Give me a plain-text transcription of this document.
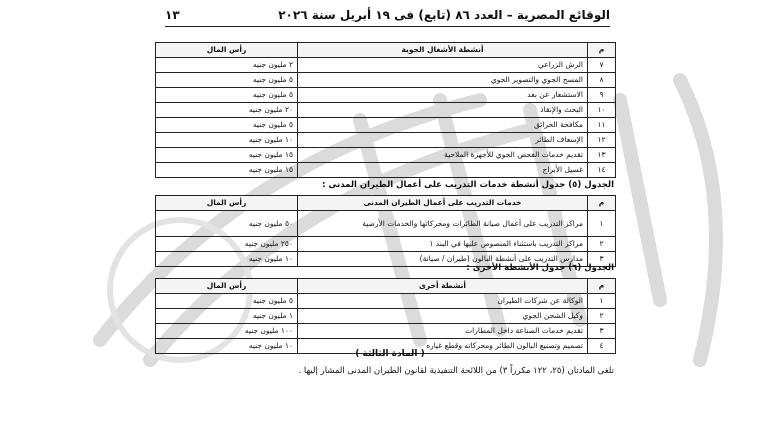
الوقائع المصرية – العدد ٨٦ (تابع) فى ١٩ أبريل سنة ٢٠٢٦
١٣
م	أنشطة الأشغال الجوية	رأس المال
٧	الرش الزراعي	٢ مليون جنيه
٨	المسح الجوي والتصوير الجوي	٥ مليون جنيه
٩	الاستشعار عن بعد	٥ مليون جنيه
١٠	البحث والإنقاذ	٢٠ مليون جنيه
١١	مكافحة الحرائق	٥ مليون جنيه
١٢	الإسعاف الطائر	١٠ مليون جنيه
١٣	تقديم خدمات الفحص الجوي للأجهزة الملاحية	١٥ مليون جنيه
١٤	غسيل الأبراج	١٥ مليون جنيه
الجدول (٥) جدول أنشطة خدمات التدريب على أعمال الطيران المدنى :
م	خدمات التدريب على أعمال الطيران المدنى	رأس المال
١	مراكز التدريب على أعمال صيانة الطائرات ومحركاتها والخدمات الأرضية	٥٠ مليون جنيه
٢	مراكز التدريب باستثناء المنصوص عليها في البند ١	٢٥٠ مليون جنيه
٣	مدارس التدريب على أنشطة البالون (طيران / صيانة)	١٠ مليون جنيه
الجدول (٦) جدول الأنشطة الأخرى :
م	أنشطة أخرى	رأس المال
١	الوكالة عن شركات الطيران	٥ مليون جنيه
٢	وكيل الشحن الجوي	١ مليون جنيه
٣	تقديم خدمات الصناعة داخل المطارات	١٠٠ مليون جنيه
٤	تصميم وتصنيع البالون الطائر ومحركاته وقطع غياره	١٠ مليون جنيه
( المادة الثالثة )
تلغى المادتان (٢٥، ١٢٢ مكرراً ٣) من اللائحة التنفيذية لقانون الطيران المدنى المشار إليها .
